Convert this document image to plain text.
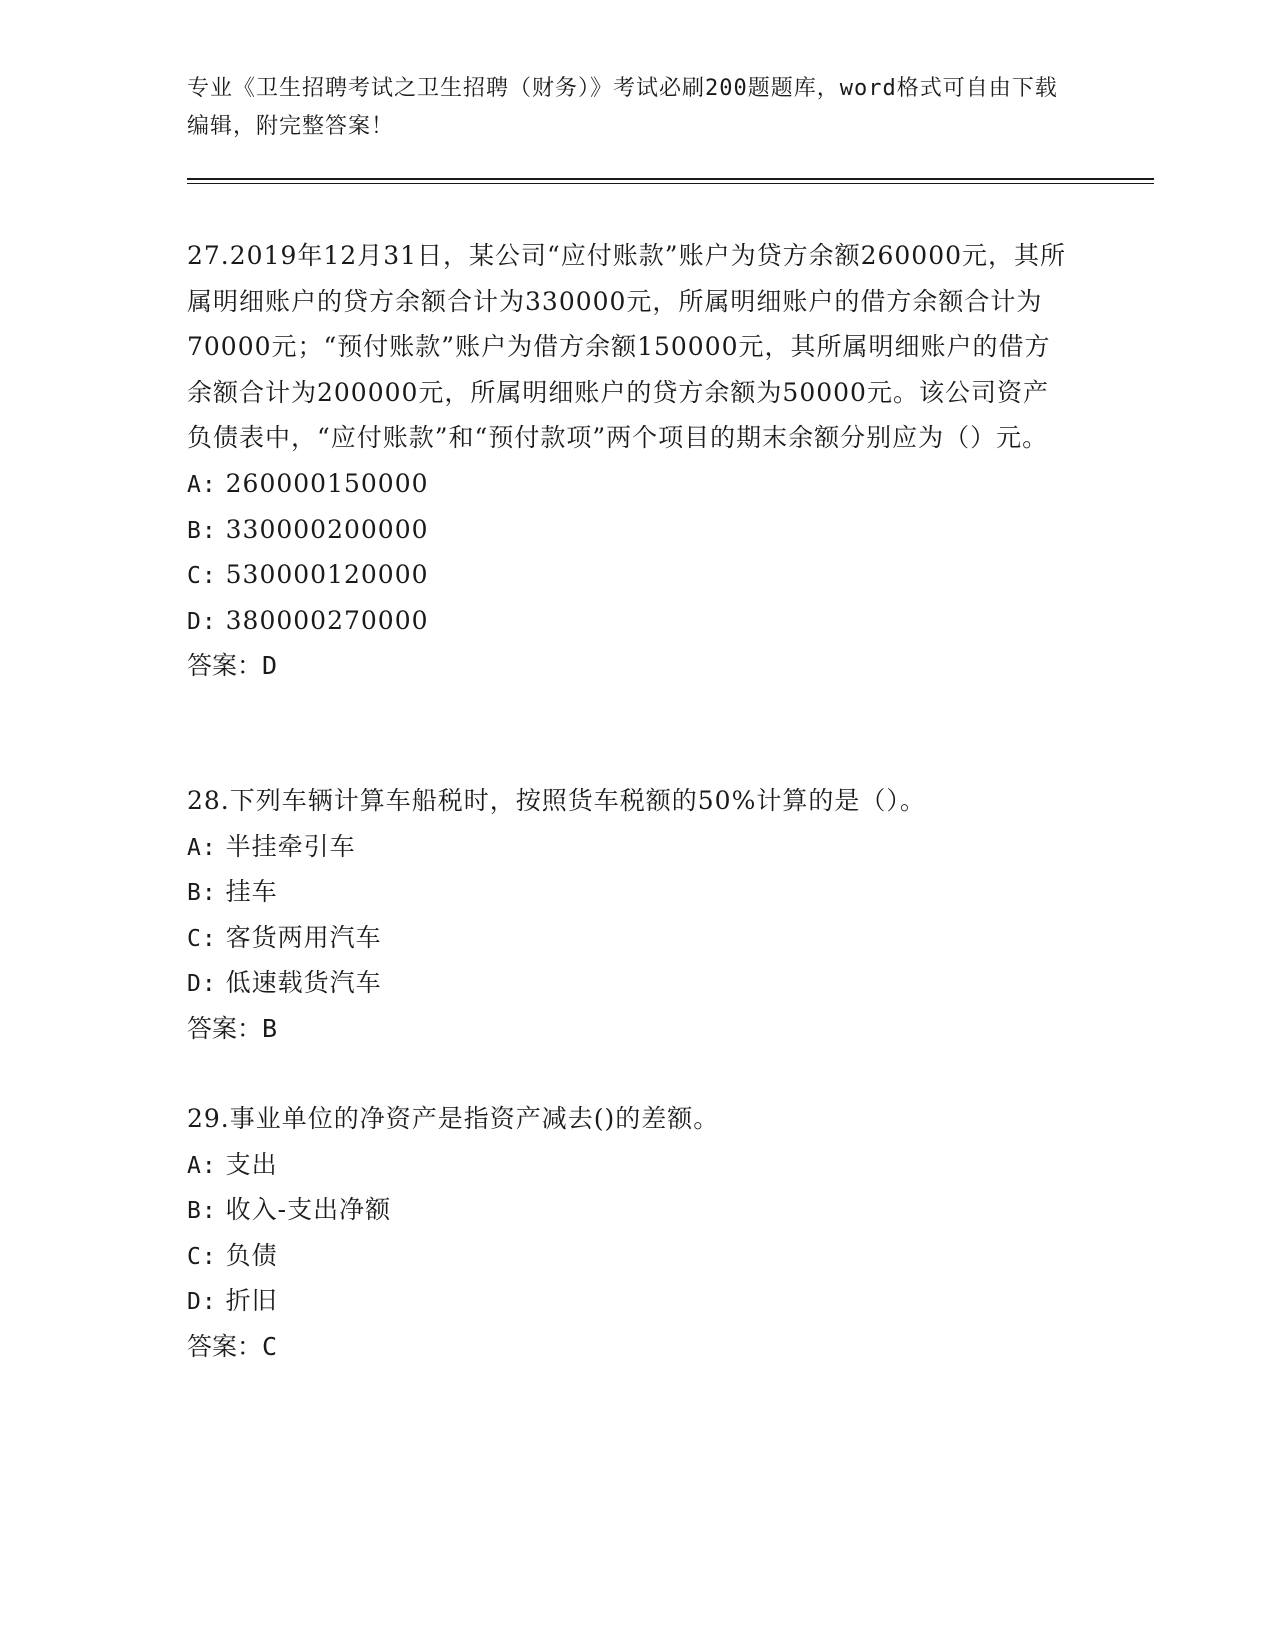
专业《卫生招聘考试之卫生招聘（财务）》考试必刷200题题库，word格式可自由下载编辑，附完整答案！

27.2019年12月31日，某公司“应付账款”账户为贷方余额260000元，其所属明细账户的贷方余额合计为330000元，所属明细账户的借方余额合计为70000元；“预付账款”账户为借方余额150000元，其所属明细账户的借方余额合计为200000元，所属明细账户的贷方余额为50000元。该公司资产负债表中，“应付账款”和“预付款项”两个项目的期末余额分别应为（）元。

A: 260000150000

B: 330000200000

C: 530000120000

D: 380000270000

答案：D

28.下列车辆计算车船税时，按照货车税额的50%计算的是（）。

A: 半挂牵引车

B: 挂车

C: 客货两用汽车

D: 低速载货汽车

答案：B

29.事业单位的净资产是指资产减去()的差额。

A: 支出

B: 收入-支出净额

C: 负债

D: 折旧

答案：C
